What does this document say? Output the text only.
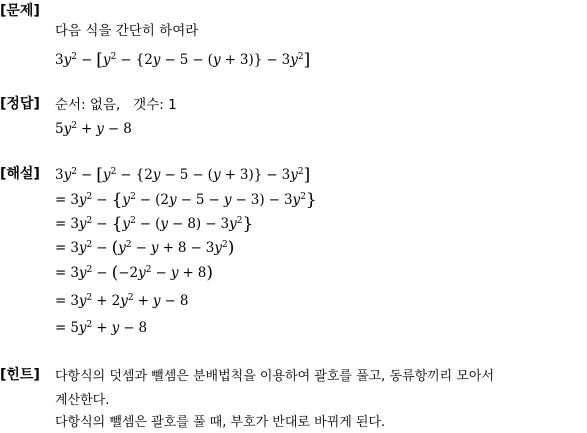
[문제]
다음 식을 간단히 하여라
$3y^2 - [y^2 - \{2y - 5 - (y + 3)\} - 3y^2]$
[정답] 순서: 없음,   갯수: 1
$5y^2 + y - 8$
[해설] $3y^2 - [y^2 - \{2y - 5 - (y + 3)\} - 3y^2]$
= $3y^2 - \{y^2 - (2y - 5 - y - 3) - 3y^2\}$
= $3y^2 - \{y^2 - (y - 8) - 3y^2\}$
= $3y^2 - (y^2 - y + 8 - 3y^2)$
= $3y^2 - (-2y^2 - y + 8)$
= $3y^2 + 2y^2 + y - 8$
= $5y^2 + y - 8$
[힌트] 다항식의 덧셈과 뺄셈은 분배법칙을 이용하여 괄호를 풀고, 동류항끼리 모아서
계산한다.
다항식의 뺄셈은 괄호를 풀 때, 부호가 반대로 바뀌게 된다.
